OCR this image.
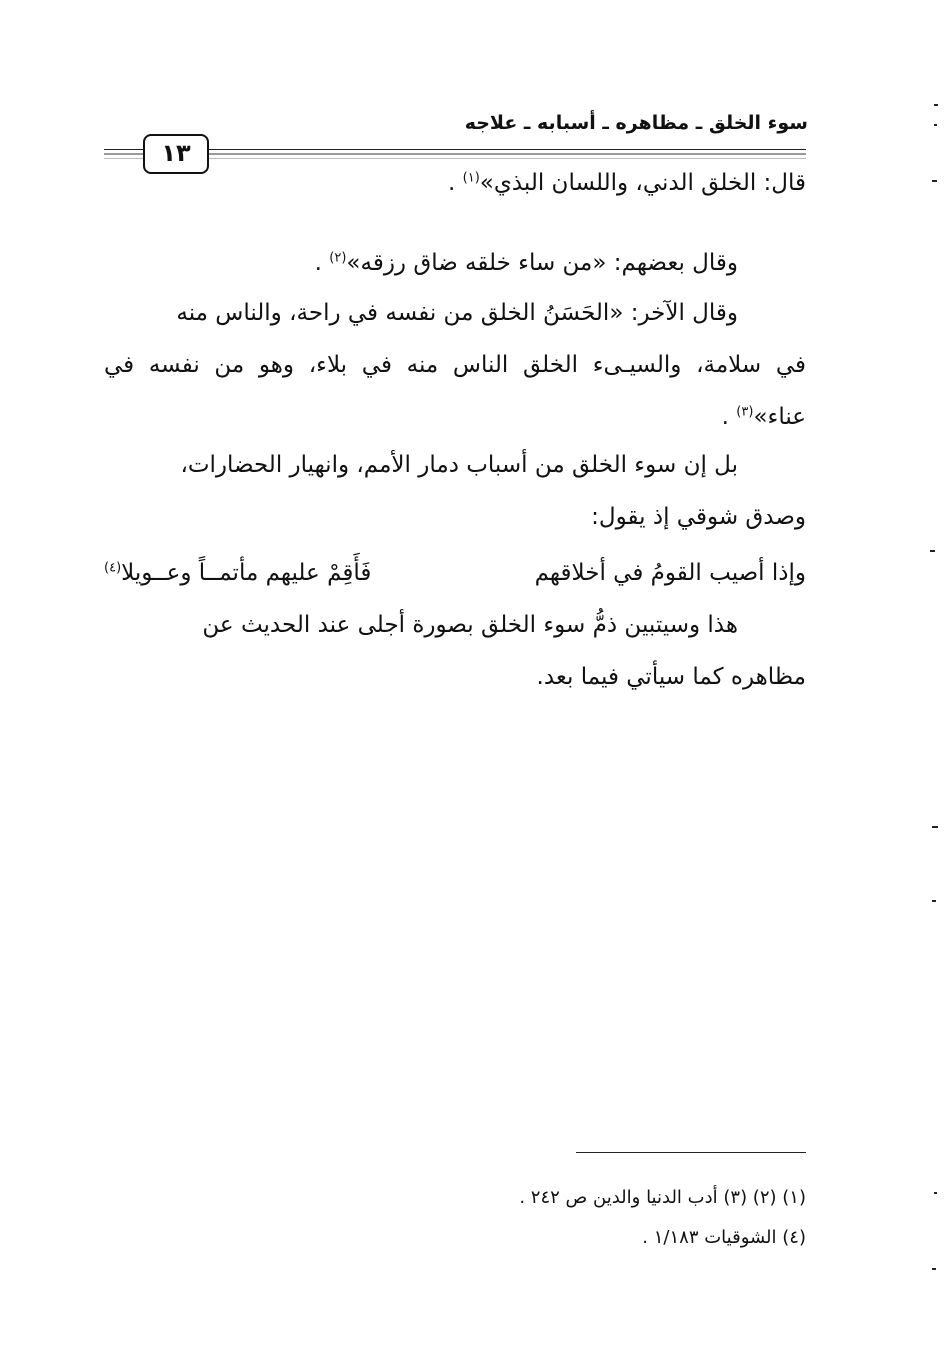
سوء الخلق ـ مظاهره ـ أسبابه ـ علاجه
١٣
قال: الخلق الدني، واللسان البذي»$^{(١)}$ .
وقال بعضهم: «من ساء خلقه ضاق رزقه»$^{(٢)}$ .
وقال الآخر: «الحَسَنُ الخلق من نفسه في راحة، والناس منه
في سلامة، والسيـىء الخلق الناس منه في بلاء، وهو من نفسه في
عناء»$^{(٣)}$ .
بل إن سوء الخلق من أسباب دمار الأمم، وانهيار الحضارات،
وصدق شوقي إذ يقول:
وإذا أصيب القومُ في أخلاقهم
فَأَقِمْ عليهم مأتمــاً وعــويلا$^{(٤)}$
هذا وسيتبين ذمُّ سوء الخلق بصورة أجلى عند الحديث عن
مظاهره كما سيأتي فيما بعد.
(١) (٢) (٣) أدب الدنيا والدين ص ٢٤٢ .
(٤) الشوقيات ١/١٨٣ .
